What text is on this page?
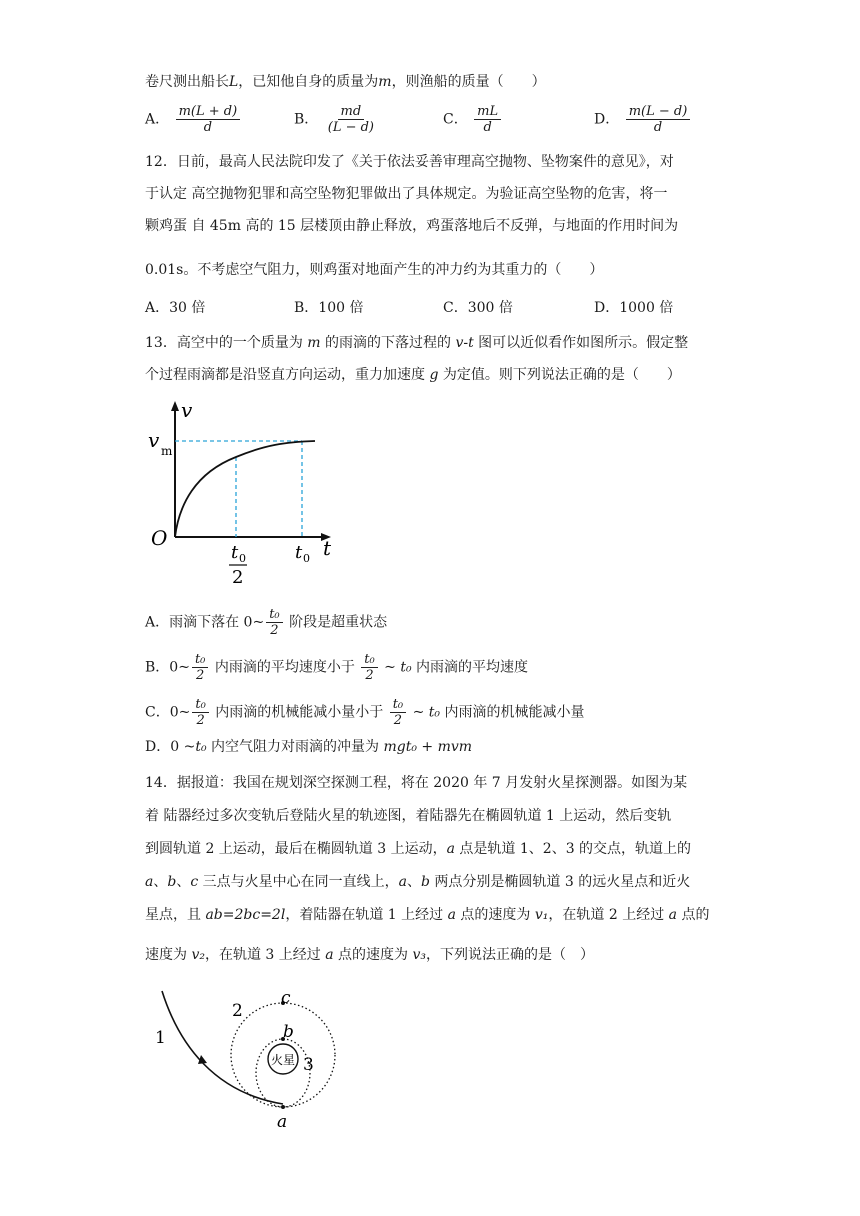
卷尺测出船长L，已知他自身的质量为m，则渔船的质量（　　）
A． $\frac{m(L + d)}{d}$	B． $\frac{md}{(L - d)}$	C． $\frac{mL}{d}$	D． $\frac{m(L - d)}{d}$
12．日前，最高人民法院印发了《关于依法妥善审理高空抛物、坠物案件的意见》，对
于认定 高空抛物犯罪和高空坠物犯罪做出了具体规定。为验证高空坠物的危害，将一
颗鸡蛋 自 45m 高的 15 层楼顶由静止释放，鸡蛋落地后不反弹，与地面的作用时间为
0.01s。不考虑空气阻力，则鸡蛋对地面产生的冲力约为其重力的（　　）
A．30 倍	B．100 倍	C．300 倍	D．1000 倍
13．高空中的一个质量为 m 的雨滴的下落过程的 v-t 图可以近似看作如图所示。假定整
个过程雨滴都是沿竖直方向运动，重力加速度 g 为定值。则下列说法正确的是（　　）
v
v m
O	t
t 0
2
t 0
A．雨滴下落在 0~ $\frac{\text{t₀}}{2}$ 阶段是超重状态
B．0~ $\frac{\text{t₀}}{2}$ 内雨滴的平均速度小于 $\frac{\text{t₀}}{2}$ ~ t₀ 内雨滴的平均速度
C．0~ $\frac{\text{t₀}}{2}$ 内雨滴的机械能减小量小于 $\frac{\text{t₀}}{2}$ ~ t₀ 内雨滴的机械能减小量
D．0 ~t₀ 内空气阻力对雨滴的冲量为 mgt₀ + mvm
14．据报道：我国在规划深空探测工程，将在 2020 年 7 月发射火星探测器。如图为某
着 陆器经过多次变轨后登陆火星的轨迹图，着陆器先在椭圆轨道 1 上运动，然后变轨
到圆轨道 2 上运动，最后在椭圆轨道 3 上运动，a 点是轨道 1、2、3 的交点，轨道上的
a、b、c 三点与火星中心在同一直线上，a、b 两点分别是椭圆轨道 3 的远火星点和近火
星点，且 ab=2bc=2l，着陆器在轨道 1 上经过 a 点的速度为 v₁，在轨道 2 上经过 a 点的
速度为 v₂，在轨道 3 上经过 a 点的速度为 v₃，下列说法正确的是（　）
火星
1
2
3
c
b
a
